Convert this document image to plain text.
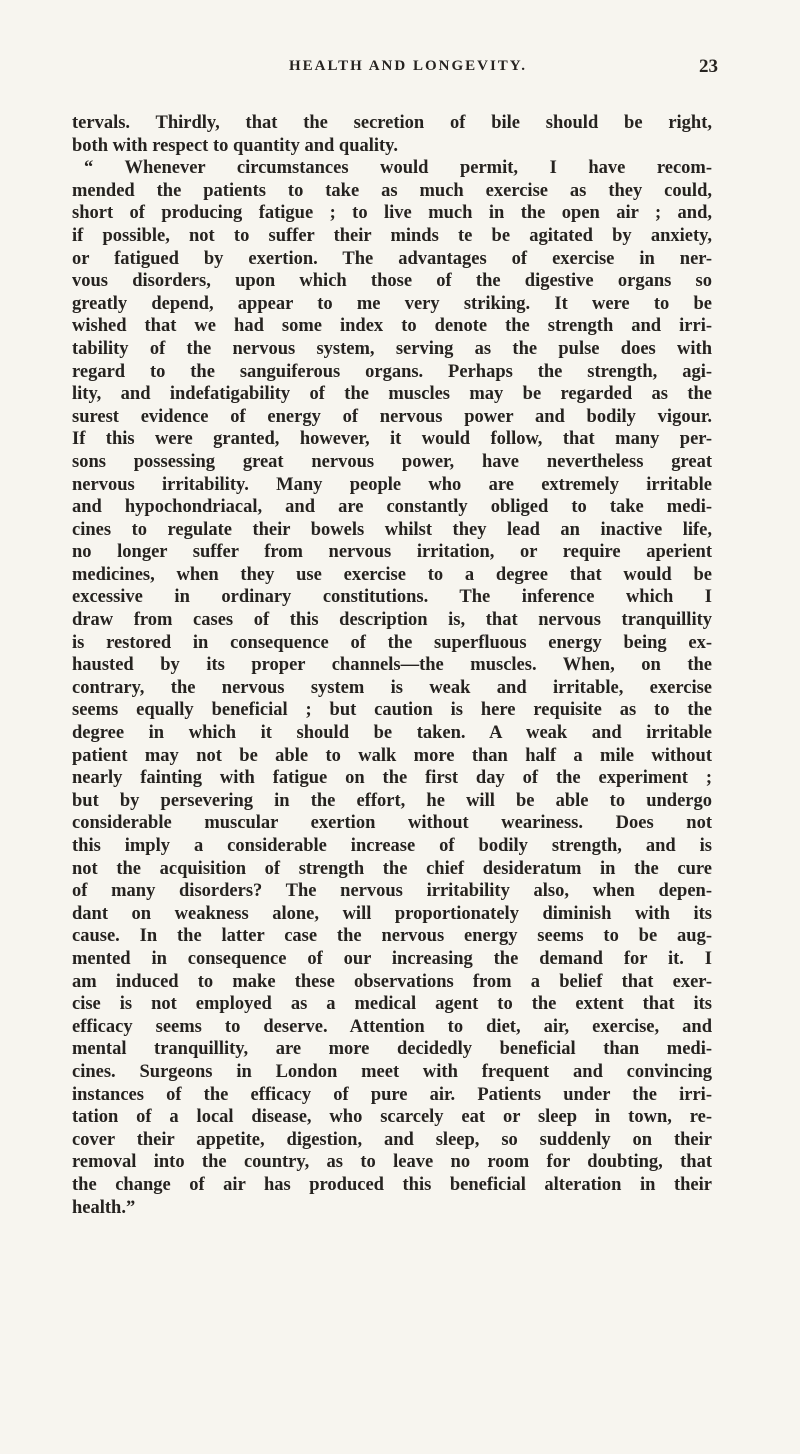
HEALTH AND LONGEVITY.	23
tervals. Thirdly, that the secretion of bile should be right,
both with respect to quantity and quality.
“ Whenever circumstances would permit, I have recom-
mended the patients to take as much exercise as they could,
short of producing fatigue ; to live much in the open air ; and,
if possible, not to suffer their minds te be agitated by anxiety,
or fatigued by exertion. The advantages of exercise in ner-
vous disorders, upon which those of the digestive organs so
greatly depend, appear to me very striking. It were to be
wished that we had some index to denote the strength and irri-
tability of the nervous system, serving as the pulse does with
regard to the sanguiferous organs. Perhaps the strength, agi-
lity, and indefatigability of the muscles may be regarded as the
surest evidence of energy of nervous power and bodily vigour.
If this were granted, however, it would follow, that many per-
sons possessing great nervous power, have nevertheless great
nervous irritability. Many people who are extremely irritable
and hypochondriacal, and are constantly obliged to take medi-
cines to regulate their bowels whilst they lead an inactive life,
no longer suffer from nervous irritation, or require aperient
medicines, when they use exercise to a degree that would be
excessive in ordinary constitutions. The inference which I
draw from cases of this description is, that nervous tranquillity
is restored in consequence of the superfluous energy being ex-
hausted by its proper channels—the muscles. When, on the
contrary, the nervous system is weak and irritable, exercise
seems equally beneficial ; but caution is here requisite as to the
degree in which it should be taken. A weak and irritable
patient may not be able to walk more than half a mile without
nearly fainting with fatigue on the first day of the experiment ;
but by persevering in the effort, he will be able to undergo
considerable muscular exertion without weariness. Does not
this imply a considerable increase of bodily strength, and is
not the acquisition of strength the chief desideratum in the cure
of many disorders? The nervous irritability also, when depen-
dant on weakness alone, will proportionately diminish with its
cause. In the latter case the nervous energy seems to be aug-
mented in consequence of our increasing the demand for it. I
am induced to make these observations from a belief that exer-
cise is not employed as a medical agent to the extent that its
efficacy seems to deserve. Attention to diet, air, exercise, and
mental tranquillity, are more decidedly beneficial than medi-
cines. Surgeons in London meet with frequent and convincing
instances of the efficacy of pure air. Patients under the irri-
tation of a local disease, who scarcely eat or sleep in town, re-
cover their appetite, digestion, and sleep, so suddenly on their
removal into the country, as to leave no room for doubting, that
the change of air has produced this beneficial alteration in their
health.”
